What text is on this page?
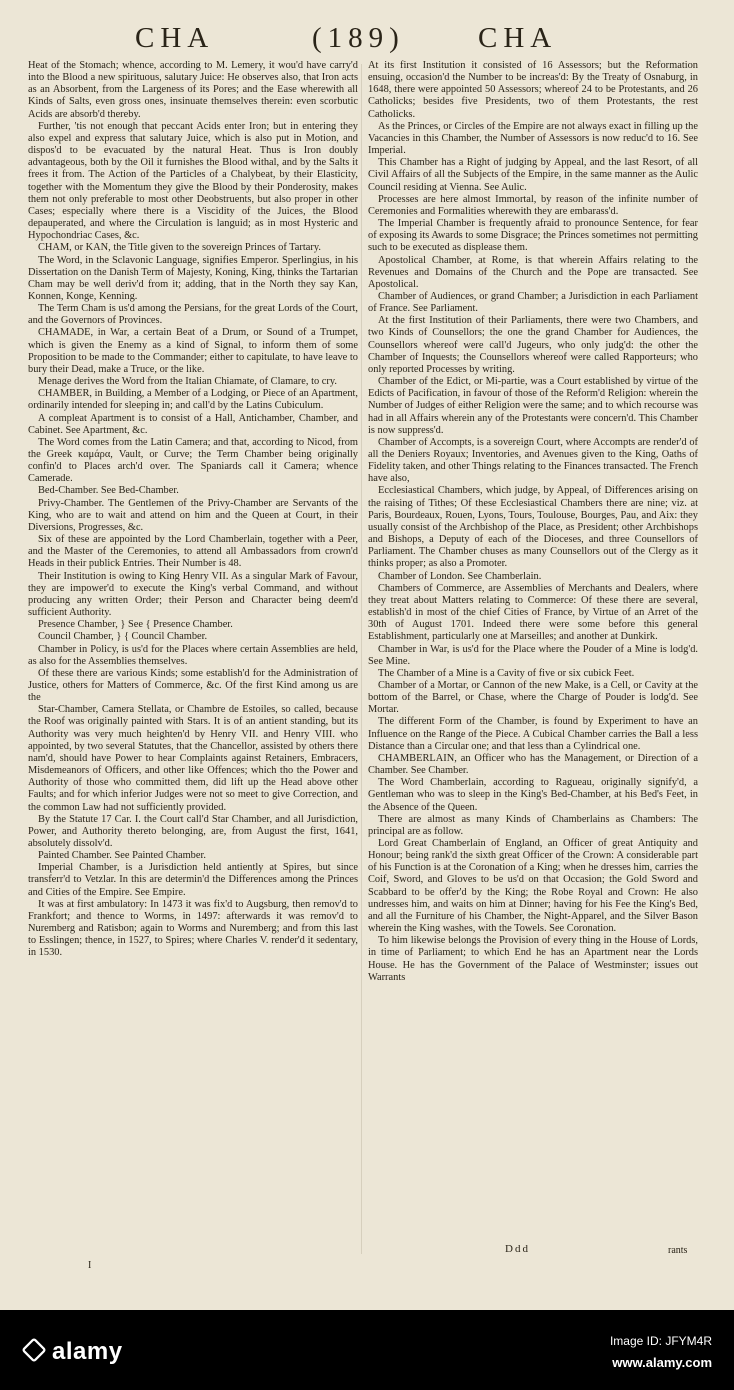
CHA	(189)	CHA

Heat of the Stomach; whence, according to M. Lemery, it wou'd have carry'd into the Blood a new spirituous, salutary Juice: He observes also, that Iron acts as an Absorbent, from the Largeness of its Pores; and the Ease wherewith all Kinds of Salts, even gross ones, insinuate themselves therein: even scorbutic Acids are absorb'd thereby.

Further, 'tis not enough that peccant Acids enter Iron; but in entering they also expel and express that salutary Juice, which is also put in Motion, and dispos'd to be evacuated by the natural Heat. Thus is Iron doubly advantageous, both by the Oil it furnishes the Blood withal, and by the Salts it frees it from. The Action of the Particles of a Chalybeat, by their Elasticity, together with the Momentum they give the Blood by their Ponderosity, makes them not only preferable to most other Deobstruents, but also proper in other Cases; especially where there is a Viscidity of the Juices, the Blood depauperated, and where the Circulation is languid; as in most Hysteric and Hypochondriac Cases, &c.

CHAM, or KAN, the Title given to the sovereign Princes of Tartary.

The Word, in the Sclavonic Language, signifies Emperor. Sperlingius, in his Dissertation on the Danish Term of Majesty, Koning, King, thinks the Tartarian Cham may be well deriv'd from it; adding, that in the North they say Kan, Konnen, Konge, Kenning.

The Term Cham is us'd among the Persians, for the great Lords of the Court, and the Governors of Provinces.

CHAMADE, in War, a certain Beat of a Drum, or Sound of a Trumpet, which is given the Enemy as a kind of Signal, to inform them of some Proposition to be made to the Commander; either to capitulate, to have leave to bury their Dead, make a Truce, or the like.

Menage derives the Word from the Italian Chiamate, of Clamare, to cry.

CHAMBER, in Building, a Member of a Lodging, or Piece of an Apartment, ordinarily intended for sleeping in; and call'd by the Latins Cubiculum.

A compleat Apartment is to consist of a Hall, Antichamber, Chamber, and Cabinet. See Apartment, &c.

The Word comes from the Latin Camera; and that, according to Nicod, from the Greek καμάρα, Vault, or Curve; the Term Chamber being originally confin'd to Places arch'd over. The Spaniards call it Camera; whence Camerade.

Bed-Chamber. See Bed-Chamber.

Privy-Chamber. The Gentlemen of the Privy-Chamber are Servants of the King, who are to wait and attend on him and the Queen at Court, in their Diversions, Progresses, &c.

Six of these are appointed by the Lord Chamberlain, together with a Peer, and the Master of the Ceremonies, to attend all Ambassadors from crown'd Heads in their publick Entries. Their Number is 48.

Their Institution is owing to King Henry VII. As a singular Mark of Favour, they are impower'd to execute the King's verbal Command, and without producing any written Order; their Person and Character being deem'd sufficient Authority.

Presence Chamber, } See { Presence Chamber.

Council Chamber, } { Council Chamber.

Chamber in Policy, is us'd for the Places where certain Assemblies are held, as also for the Assemblies themselves.

Of these there are various Kinds; some establish'd for the Administration of Justice, others for Matters of Commerce, &c. Of the first Kind among us are the

Star-Chamber, Camera Stellata, or Chambre de Estoiles, so called, because the Roof was originally painted with Stars. It is of an antient standing, but its Authority was very much heighten'd by Henry VII. and Henry VIII. who appointed, by two several Statutes, that the Chancellor, assisted by others there nam'd, should have Power to hear Complaints against Retainers, Embracers, Misdemeanors of Officers, and other like Offences; which tho the Power and Authority of those who committed them, did lift up the Head above other Faults; and for which inferior Judges were not so meet to give Correction, and the common Law had not sufficiently provided.

By the Statute 17 Car. I. the Court call'd Star Chamber, and all Jurisdiction, Power, and Authority thereto belonging, are, from August the first, 1641, absolutely dissolv'd.

Painted Chamber. See Painted Chamber.

Imperial Chamber, is a Jurisdiction held antiently at Spires, but since transferr'd to Vetzlar. In this are determin'd the Differences among the Princes and Cities of the Empire. See Empire.

It was at first ambulatory: In 1473 it was fix'd to Augsburg, then remov'd to Frankfort; and thence to Worms, in 1497: afterwards it was remov'd to Nuremberg and Ratisbon; again to Worms and Nuremberg; and from this last to Esslingen; thence, in 1527, to Spires; where Charles V. render'd it sedentary, in 1530.

At its first Institution it consisted of 16 Assessors; but the Reformation ensuing, occasion'd the Number to be increas'd: By the Treaty of Osnaburg, in 1648, there were appointed 50 Assessors; whereof 24 to be Protestants, and 26 Catholicks; besides five Presidents, two of them Protestants, the rest Catholicks.

As the Princes, or Circles of the Empire are not always exact in filling up the Vacancies in this Chamber, the Number of Assessors is now reduc'd to 16. See Imperial.

This Chamber has a Right of judging by Appeal, and the last Resort, of all Civil Affairs of all the Subjects of the Empire, in the same manner as the Aulic Council residing at Vienna. See Aulic.

Processes are here almost Immortal, by reason of the infinite number of Ceremonies and Formalities wherewith they are embarass'd.

The Imperial Chamber is frequently afraid to pronounce Sentence, for fear of exposing its Awards to some Disgrace; the Princes sometimes not permitting such to be executed as displease them.

Apostolical Chamber, at Rome, is that wherein Affairs relating to the Revenues and Domains of the Church and the Pope are transacted. See Apostolical.

Chamber of Audiences, or grand Chamber; a Jurisdiction in each Parliament of France. See Parliament.

At the first Institution of their Parliaments, there were two Chambers, and two Kinds of Counsellors; the one the grand Chamber for Audiences, the Counsellors whereof were call'd Jugeurs, who only judg'd: the other the Chamber of Inquests; the Counsellors whereof were called Rapporteurs; who only reported Processes by writing.

Chamber of the Edict, or Mi-partie, was a Court established by virtue of the Edicts of Pacification, in favour of those of the Reform'd Religion: wherein the Number of Judges of either Religion were the same; and to which recourse was had in all Affairs wherein any of the Protestants were concern'd. This Chamber is now suppress'd.

Chamber of Accompts, is a sovereign Court, where Accompts are render'd of all the Deniers Royaux; Inventories, and Avenues given to the King, Oaths of Fidelity taken, and other Things relating to the Finances transacted. The French have also,

Ecclesiastical Chambers, which judge, by Appeal, of Differences arising on the raising of Tithes; Of these Ecclesiastical Chambers there are nine; viz. at Paris, Bourdeaux, Rouen, Lyons, Tours, Toulouse, Bourges, Pau, and Aix: they usually consist of the Archbishop of the Place, as President; other Archbishops and Bishops, a Deputy of each of the Dioceses, and three Counsellors of Parliament. The Chamber chuses as many Counsellors out of the Clergy as it thinks proper; as also a Promoter.

Chamber of London. See Chamberlain.

Chambers of Commerce, are Assemblies of Merchants and Dealers, where they treat about Matters relating to Commerce: Of these there are several, establish'd in most of the chief Cities of France, by Virtue of an Arret of the 30th of August 1701. Indeed there were some before this general Establishment, particularly one at Marseilles; and another at Dunkirk.

Chamber in War, is us'd for the Place where the Pouder of a Mine is lodg'd. See Mine.

The Chamber of a Mine is a Cavity of five or six cubick Feet.

Chamber of a Mortar, or Cannon of the new Make, is a Cell, or Cavity at the bottom of the Barrel, or Chase, where the Charge of Pouder is lodg'd. See Mortar.

The different Form of the Chamber, is found by Experiment to have an Influence on the Range of the Piece. A Cubical Chamber carries the Ball a less Distance than a Circular one; and that less than a Cylindrical one.

CHAMBERLAIN, an Officer who has the Management, or Direction of a Chamber. See Chamber.

The Word Chamberlain, according to Ragueau, originally signify'd, a Gentleman who was to sleep in the King's Bed-Chamber, at his Bed's Feet, in the Absence of the Queen.

There are almost as many Kinds of Chamberlains as Chambers: The principal are as follow.

Lord Great Chamberlain of England, an Officer of great Antiquity and Honour; being rank'd the sixth great Officer of the Crown: A considerable part of his Function is at the Coronation of a King; when he dresses him, carries the Coif, Sword, and Gloves to be us'd on that Occasion; the Gold Sword and Scabbard to be offer'd by the King; the Robe Royal and Crown: He also undresses him, and waits on him at Dinner; having for his Fee the King's Bed, and all the Furniture of his Chamber, the Night-Apparel, and the Silver Bason wherein the King washes, with the Towels. See Coronation.

To him likewise belongs the Provision of every thing in the House of Lords, in time of Parliament; to which End he has an Apartment near the Lords House. He has the Government of the Palace of Westminster; issues out Warrants

Ddd	rants
I
alamy	Image ID: JFYM4R
www.alamy.com
